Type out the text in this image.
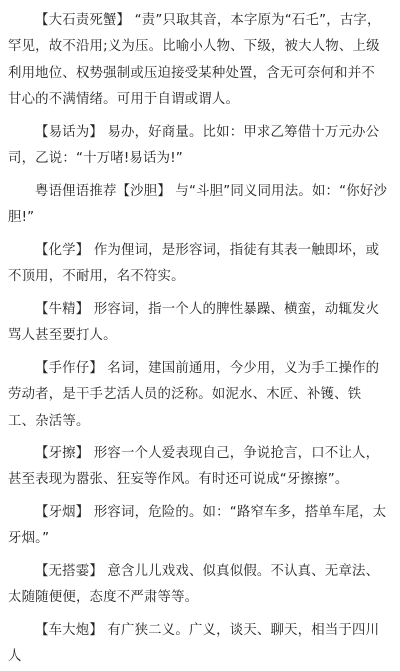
【大石责死蟹】 “责”只取其音，本字原为“石乇”，古字，罕见，故不沿用;义为压。比喻小人物、下级，被大人物、上级利用地位、权势强制或压迫接受某种处置，含无可奈何和并不甘心的不满情绪。可用于自谓或谓人。

【易话为】 易办，好商量。比如：甲求乙筹借十万元办公司，乙说：“十万啫!易话为!”

粤语俚语推荐【沙胆】 与“斗胆”同义同用法。如：“你好沙胆!”

【化学】 作为俚词，是形容词，指徒有其表一触即坏，或不顶用，不耐用，名不符实。

【牛精】 形容词，指一个人的脾性暴躁、横蛮，动辄发火骂人甚至要打人。

【手作仔】 名词，建国前通用，今少用，义为手工操作的劳动者，是干手艺活人员的泛称。如泥水、木匠、补镬、铁工、杂活等。

【牙擦】 形容一个人爱表现自己，争说抢言，口不让人，甚至表现为嚣张、狂妄等作风。有时还可说成“牙擦擦”。

【牙烟】 形容词，危险的。如：“路窄车多，搭单车尾，太牙烟。”

【无搭霎】 意含儿儿戏戏、似真似假。不认真、无章法、太随随便便，态度不严肃等等。

【车大炮】 有广狭二义。广义，谈天、聊天，相当于四川人
